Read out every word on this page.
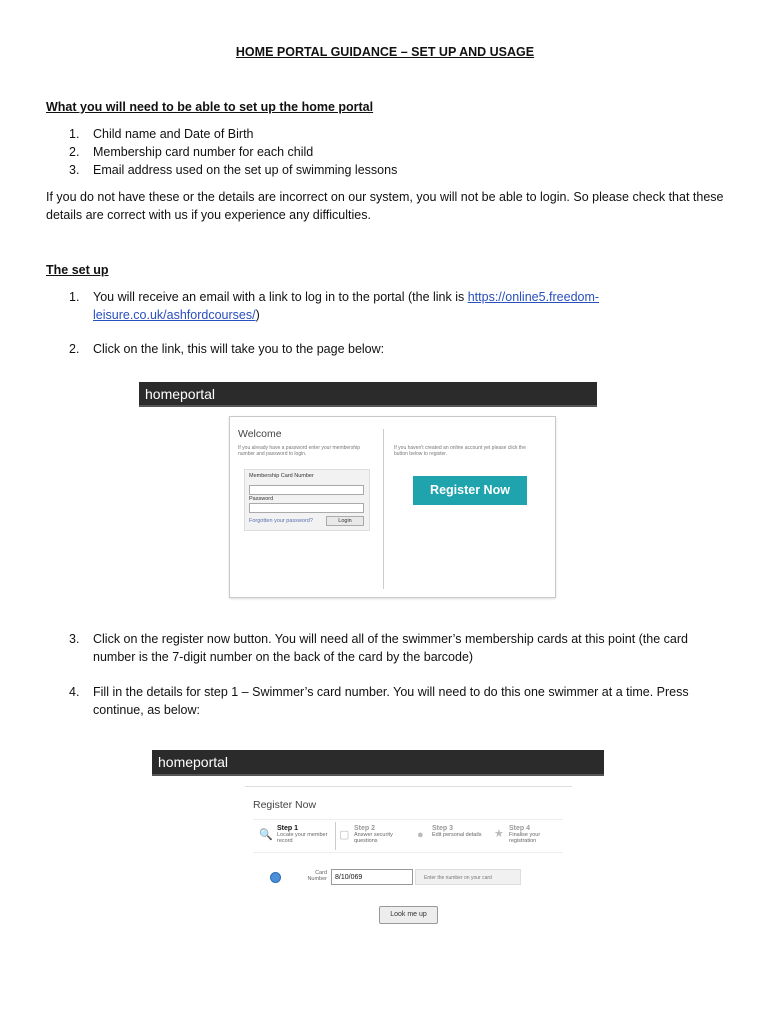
HOME PORTAL GUIDANCE – SET UP AND USAGE
What you will need to be able to set up the home portal
1. Child name and Date of Birth
2. Membership card number for each child
3. Email address used on the set up of swimming lessons
If you do not have these or the details are incorrect on our system, you will not be able to login. So please check that these details are correct with us if you experience any difficulties.
The set up
1. You will receive an email with a link to log in to the portal (the link is https://online5.freedom-leisure.co.uk/ashfordcourses/)
2. Click on the link, this will take you to the page below:
homeportal
Welcome
If you already have a password enter your membership number and password to login.
Membership Card Number
Password
Forgotten your password?	Login
If you haven't created an online account yet please click the button below to register.
Register Now
3. Click on the register now button. You will need all of the swimmer’s membership cards at this point (the card number is the 7-digit number on the back of the card by the barcode)
4. Fill in the details for step 1 – Swimmer’s card number. You will need to do this one swimmer at a time. Press continue, as below:
homeportal
Register Now
🔍
Step 1
Locate your member record	▢
Step 2
Answer security questions	●
Step 3
Edit personal details	★ Step 4
Finalise your registration
Card Number	8/10/069	Enter the number on your card
Look me up
